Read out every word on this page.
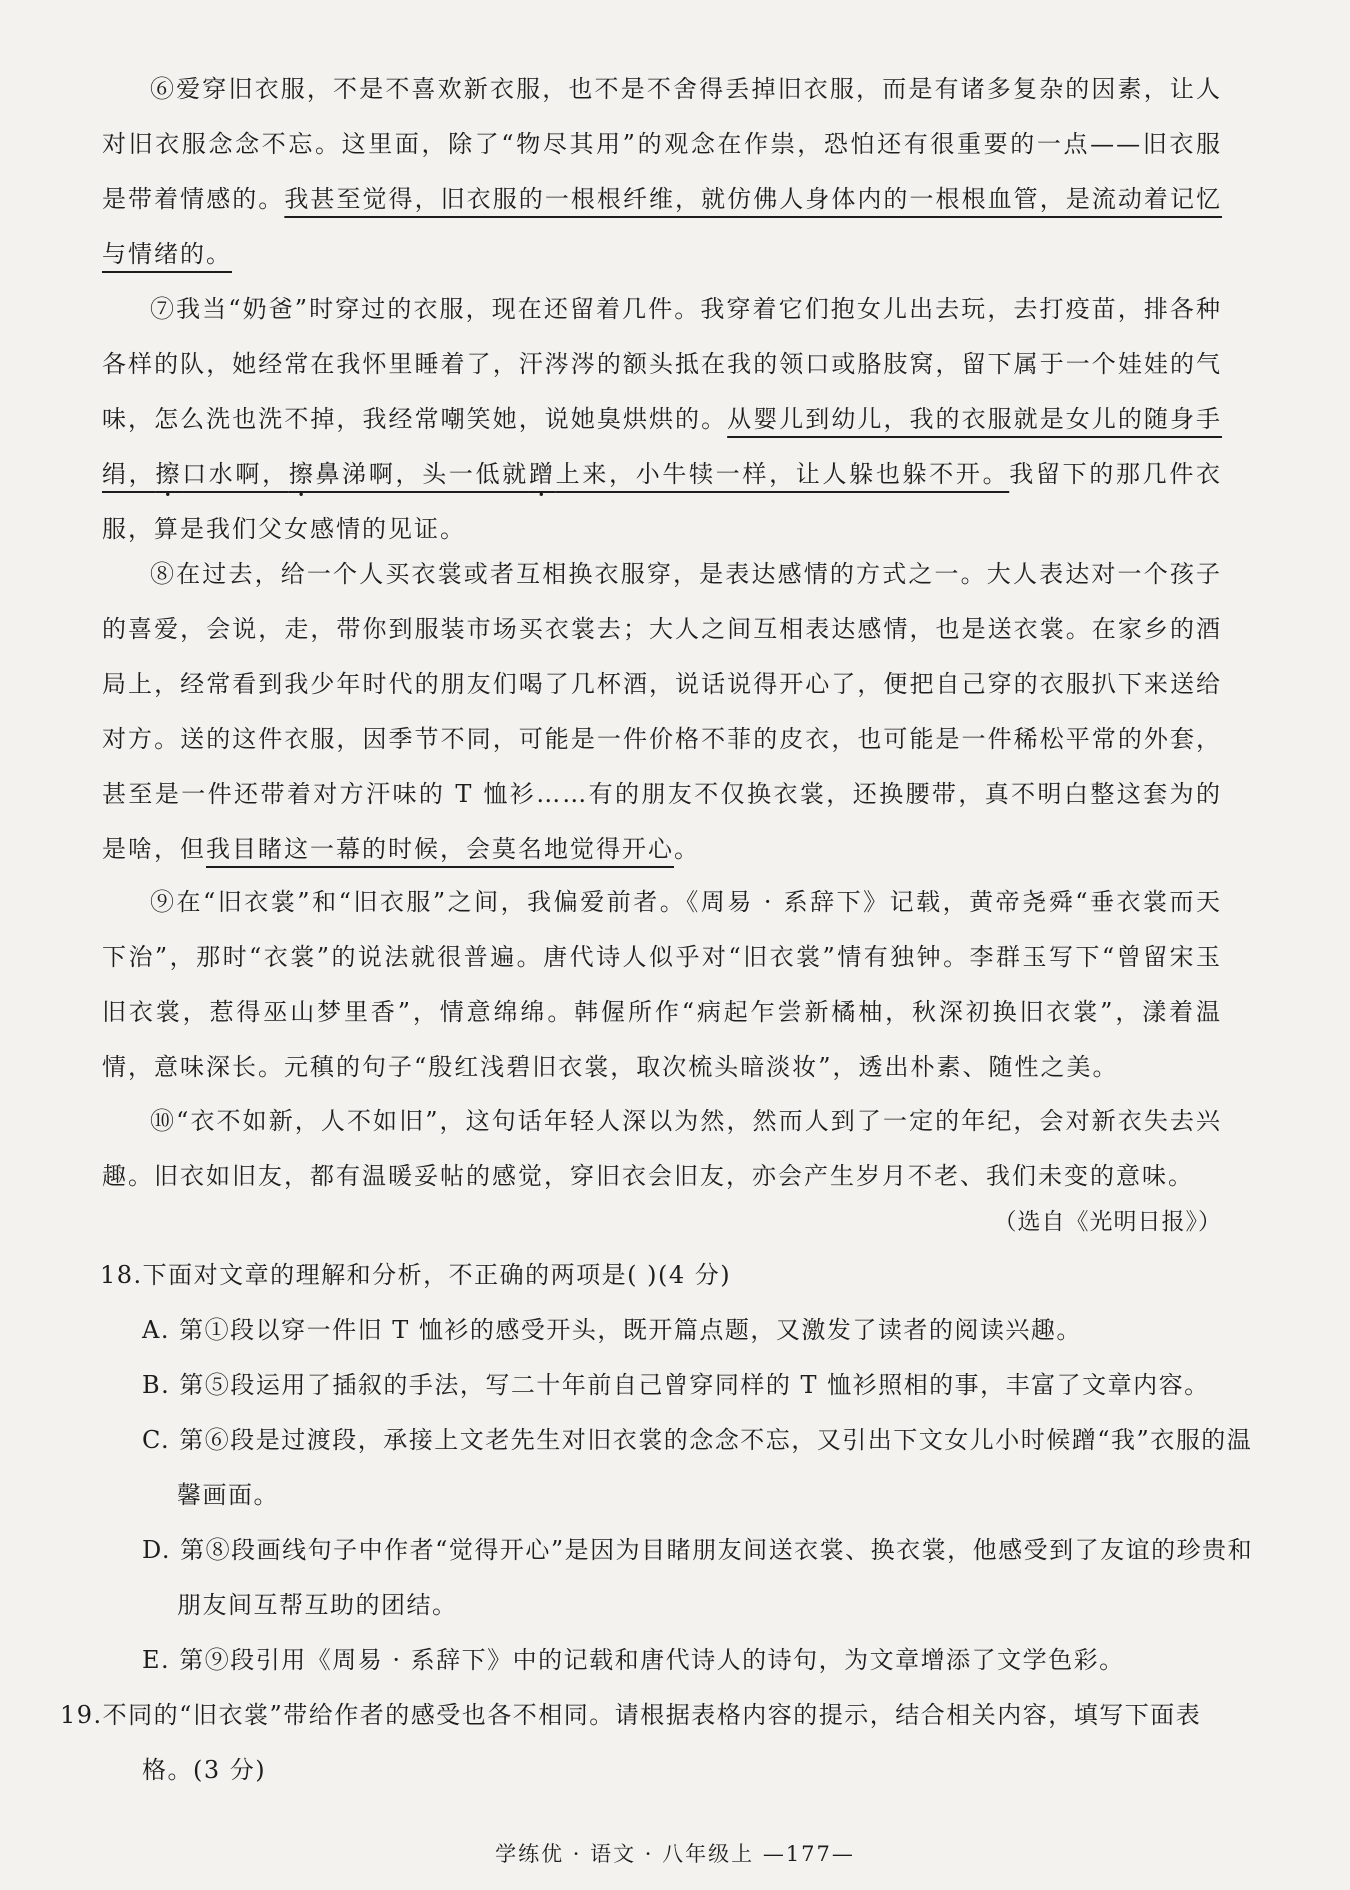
⑥爱穿旧衣服，不是不喜欢新衣服，也不是不舍得丢掉旧衣服，而是有诸多复杂的因素，让人对旧衣服念念不忘。这里面，除了“物尽其用”的观念在作祟，恐怕还有很重要的一点——旧衣服是带着情感的。我甚至觉得，旧衣服的一根根纤维，就仿佛人身体内的一根根血管，是流动着记忆与情绪的。

⑦我当“奶爸”时穿过的衣服，现在还留着几件。我穿着它们抱女儿出去玩，去打疫苗，排各种各样的队，她经常在我怀里睡着了，汗涔涔的额头抵在我的领口或胳肢窝，留下属于一个娃娃的气味，怎么洗也洗不掉，我经常嘲笑她，说她臭烘烘的。从婴儿到幼儿，我的衣服就是女儿的随身手绢，擦口水啊，擦鼻涕啊，头一低就蹭上来，小牛犊一样，让人躲也躲不开。我留下的那几件衣服，算是我们父女感情的见证。

⑧在过去，给一个人买衣裳或者互相换衣服穿，是表达感情的方式之一。大人表达对一个孩子的喜爱，会说，走，带你到服装市场买衣裳去；大人之间互相表达感情，也是送衣裳。在家乡的酒局上，经常看到我少年时代的朋友们喝了几杯酒，说话说得开心了，便把自己穿的衣服扒下来送给对方。送的这件衣服，因季节不同，可能是一件价格不菲的皮衣，也可能是一件稀松平常的外套，甚至是一件还带着对方汗味的 T 恤衫……有的朋友不仅换衣裳，还换腰带，真不明白整这套为的是啥，但我目睹这一幕的时候，会莫名地觉得开心。

⑨在“旧衣裳”和“旧衣服”之间，我偏爱前者。《周易 · 系辞下》记载，黄帝尧舜“垂衣裳而天下治”，那时“衣裳”的说法就很普遍。唐代诗人似乎对“旧衣裳”情有独钟。李群玉写下“曾留宋玉旧衣裳，惹得巫山梦里香”，情意绵绵。韩偓所作“病起乍尝新橘柚，秋深初换旧衣裳”，漾着温情，意味深长。元稹的句子“殷红浅碧旧衣裳，取次梳头暗淡妆”，透出朴素、随性之美。

⑩“衣不如新，人不如旧”，这句话年轻人深以为然，然而人到了一定的年纪，会对新衣失去兴趣。旧衣如旧友，都有温暖妥帖的感觉，穿旧衣会旧友，亦会产生岁月不老、我们未变的意味。

（选自《光明日报》）
18.下面对文章的理解和分析，不正确的两项是( )(4 分)
A. 第①段以穿一件旧 T 恤衫的感受开头，既开篇点题，又激发了读者的阅读兴趣。
B. 第⑤段运用了插叙的手法，写二十年前自己曾穿同样的 T 恤衫照相的事，丰富了文章内容。
C. 第⑥段是过渡段，承接上文老先生对旧衣裳的念念不忘，又引出下文女儿小时候蹭“我”衣服的温馨画面。
D. 第⑧段画线句子中作者“觉得开心”是因为目睹朋友间送衣裳、换衣裳，他感受到了友谊的珍贵和朋友间互帮互助的团结。
E. 第⑨段引用《周易 · 系辞下》中的记载和唐代诗人的诗句，为文章增添了文学色彩。
19.不同的“旧衣裳”带给作者的感受也各不相同。请根据表格内容的提示，结合相关内容，填写下面表格。(3 分)
学练优 · 语文 · 八年级上 —177—
